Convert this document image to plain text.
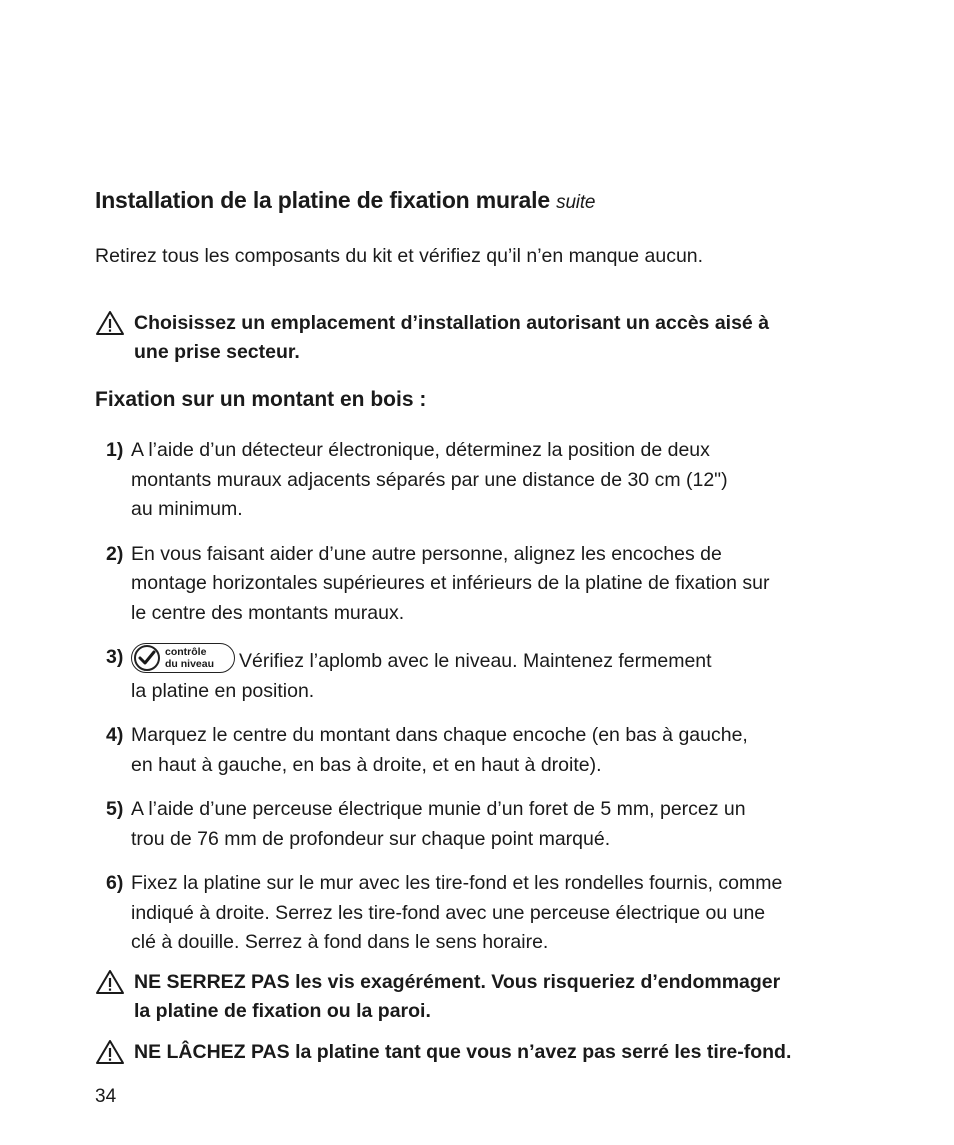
Installation de la platine de fixation murale suite
Retirez tous les composants du kit et vérifiez qu’il n’en manque aucun.
Choisissez un emplacement d’installation autorisant un accès aisé à
une prise secteur.
Fixation sur un montant en bois :
1) A l’aide d’un détecteur électronique, déterminez la position de deux
montants muraux adjacents séparés par une distance de 30 cm (12")
au minimum.
2) En vous faisant aider d’une autre personne, alignez les encoches de
montage horizontales supérieures et inférieurs de la platine de fixation sur
le centre des montants muraux.
3)	contrôle
du niveau Vérifiez l’aplomb avec le niveau. Maintenez fermement
la platine en position.
4) Marquez le centre du montant dans chaque encoche (en bas à gauche,
en haut à gauche, en bas à droite, et en haut à droite).
5) A l’aide d’une perceuse électrique munie d’un foret de 5 mm, percez un
trou de 76 mm de profondeur sur chaque point marqué.
6) Fixez la platine sur le mur avec les tire-fond et les rondelles fournis, comme
indiqué à droite. Serrez les tire-fond avec une perceuse électrique ou une
clé à douille. Serrez à fond dans le sens horaire.
NE SERREZ PAS les vis exagérément. Vous risqueriez d’endommager
la platine de fixation ou la paroi.
NE LÂCHEZ PAS la platine tant que vous n’avez pas serré les tire-fond.
34
